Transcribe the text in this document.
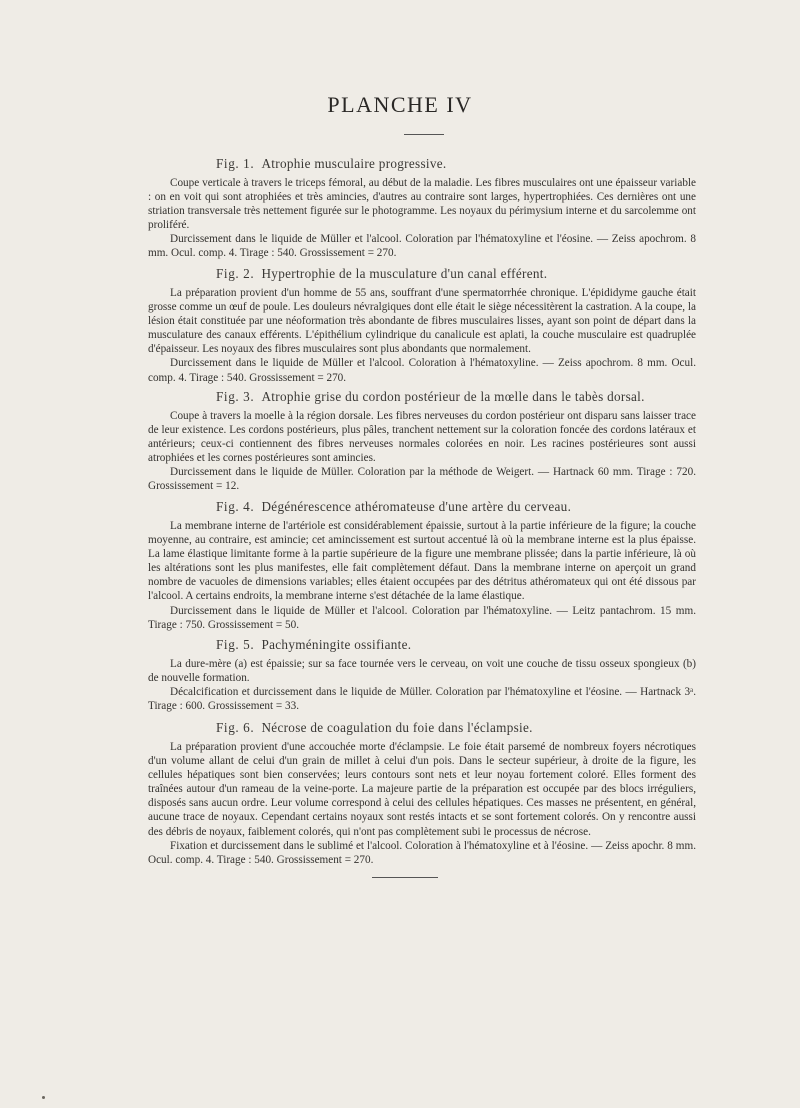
PLANCHE IV
Fig. 1. Atrophie musculaire progressive.

Coupe verticale à travers le triceps fémoral, au début de la maladie. Les fibres musculaires ont une épaisseur variable : on en voit qui sont atrophiées et très amincies, d'autres au contraire sont larges, hypertrophiées. Ces dernières ont une striation transversale très nettement figurée sur le photogramme. Les noyaux du périmysium interne et du sarcolemme ont proliféré.

Durcissement dans le liquide de Müller et l'alcool. Coloration par l'hématoxyline et l'éosine. — Zeiss apochrom. 8 mm. Ocul. comp. 4. Tirage : 540. Grossissement = 270.

Fig. 2. Hypertrophie de la musculature d'un canal efférent.

La préparation provient d'un homme de 55 ans, souffrant d'une spermatorrhée chronique. L'épididyme gauche était grosse comme un œuf de poule. Les douleurs névralgiques dont elle était le siège nécessitèrent la castration. A la coupe, la lésion était constituée par une néoformation très abondante de fibres musculaires lisses, ayant son point de départ dans la musculature des canaux efférents. L'épithélium cylindrique du canalicule est aplati, la couche musculaire est quadruplée d'épaisseur. Les noyaux des fibres musculaires sont plus abondants que normalement.

Durcissement dans le liquide de Müller et l'alcool. Coloration à l'hématoxyline. — Zeiss apochrom. 8 mm. Ocul. comp. 4. Tirage : 540. Grossissement = 270.

Fig. 3. Atrophie grise du cordon postérieur de la mœlle dans le tabès dorsal.

Coupe à travers la moelle à la région dorsale. Les fibres nerveuses du cordon postérieur ont disparu sans laisser trace de leur existence. Les cordons postérieurs, plus pâles, tranchent nettement sur la coloration foncée des cordons latéraux et antérieurs; ceux-ci contiennent des fibres nerveuses normales colorées en noir. Les racines postérieures sont aussi atrophiées et les cornes postérieures sont amincies.

Durcissement dans le liquide de Müller. Coloration par la méthode de Weigert. — Hartnack 60 mm. Tirage : 720. Grossissement = 12.

Fig. 4. Dégénérescence athéromateuse d'une artère du cerveau.

La membrane interne de l'artériole est considérablement épaissie, surtout à la partie inférieure de la figure; la couche moyenne, au contraire, est amincie; cet amincissement est surtout accentué là où la membrane interne est la plus épaisse. La lame élastique limitante forme à la partie supérieure de la figure une membrane plissée; dans la partie inférieure, là où les altérations sont les plus manifestes, elle fait complètement défaut. Dans la membrane interne on aperçoit un grand nombre de vacuoles de dimensions variables; elles étaient occupées par des détritus athéromateux qui ont été dissous par l'alcool. A certains endroits, la membrane interne s'est détachée de la lame élastique.

Durcissement dans le liquide de Müller et l'alcool. Coloration par l'hématoxyline. — Leitz pantachrom. 15 mm. Tirage : 750. Grossissement = 50.

Fig. 5. Pachyméningite ossifiante.

La dure-mère (a) est épaissie; sur sa face tournée vers le cerveau, on voit une couche de tissu osseux spongieux (b) de nouvelle formation.

Décalcification et durcissement dans le liquide de Müller. Coloration par l'hématoxyline et l'éosine. — Hartnack 3ᵃ. Tirage : 600. Grossissement = 33.

Fig. 6. Nécrose de coagulation du foie dans l'éclampsie.

La préparation provient d'une accouchée morte d'éclampsie. Le foie était parsemé de nombreux foyers nécrotiques d'un volume allant de celui d'un grain de millet à celui d'un pois. Dans le secteur supérieur, à droite de la figure, les cellules hépatiques sont bien conservées; leurs contours sont nets et leur noyau fortement coloré. Elles forment des traînées autour d'un rameau de la veine-porte. La majeure partie de la préparation est occupée par des blocs irréguliers, disposés sans aucun ordre. Leur volume correspond à celui des cellules hépatiques. Ces masses ne présentent, en général, aucune trace de noyaux. Cependant certains noyaux sont restés intacts et se sont fortement colorés. On y rencontre aussi des débris de noyaux, faiblement colorés, qui n'ont pas complètement subi le processus de nécrose.

Fixation et durcissement dans le sublimé et l'alcool. Coloration à l'hématoxyline et à l'éosine. — Zeiss apochr. 8 mm. Ocul. comp. 4. Tirage : 540. Grossissement = 270.
